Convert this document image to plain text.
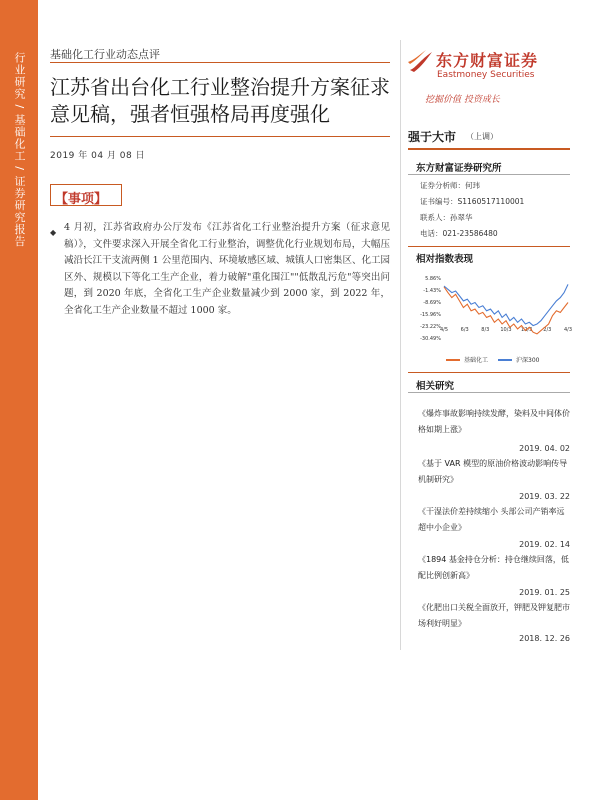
行业研究 / 基础化工 / 证券研究报告	基础化工行业动态点评
江苏省出台化工行业整治提升方案征求意见稿，强者恒强格局再度强化
2019 年 04 月 08 日
【事项】
◆ 4 月初，江苏省政府办公厅发布《江苏省化工行业整治提升方案（征求意见稿）》，文件要求深入开展全省化工行业整治，调整优化行业规划布局，大幅压减沿长江干支流两侧 1 公里范围内、环境敏感区域、城镇人口密集区、化工园区外、规模以下等化工生产企业，着力破解"重化围江""低散乱污危"等突出问题，到 2020 年底，全省化工生产企业数量减少到 2000 家，到 2022 年，全省化工生产企业数量不超过 1000 家。
东方财富证券
Eastmoney Securities
挖掘价值 投资成长
强于大市 （上调）
东方财富证券研究所
证券分析师：何玮
证书编号：S1160517110001
联系人：孙翠华
电话：021-23586480
相对指数表现
5.86%
-1.43%
-8.69%
-15.96%
-23.22%
-30.49%
4/5	6/3	8/3 10/3 12/3 2/3	4/3
基础化工	沪深300
相关研究
《爆炸事故影响持续发酵，染料及中间体价格如期上涨》
2019. 04. 02
《基于 VAR 模型的原油价格波动影响传导机制研究》
2019. 03. 22
《干湿法价差持续缩小 头部公司产销率远超中小企业》
2019. 02. 14
《1894 基金持仓分析：持仓继续回落，低配比例创新高》
2019. 01. 25
《化肥出口关税全面放开，钾肥及钾复肥市场利好明显》
2018. 12. 26
